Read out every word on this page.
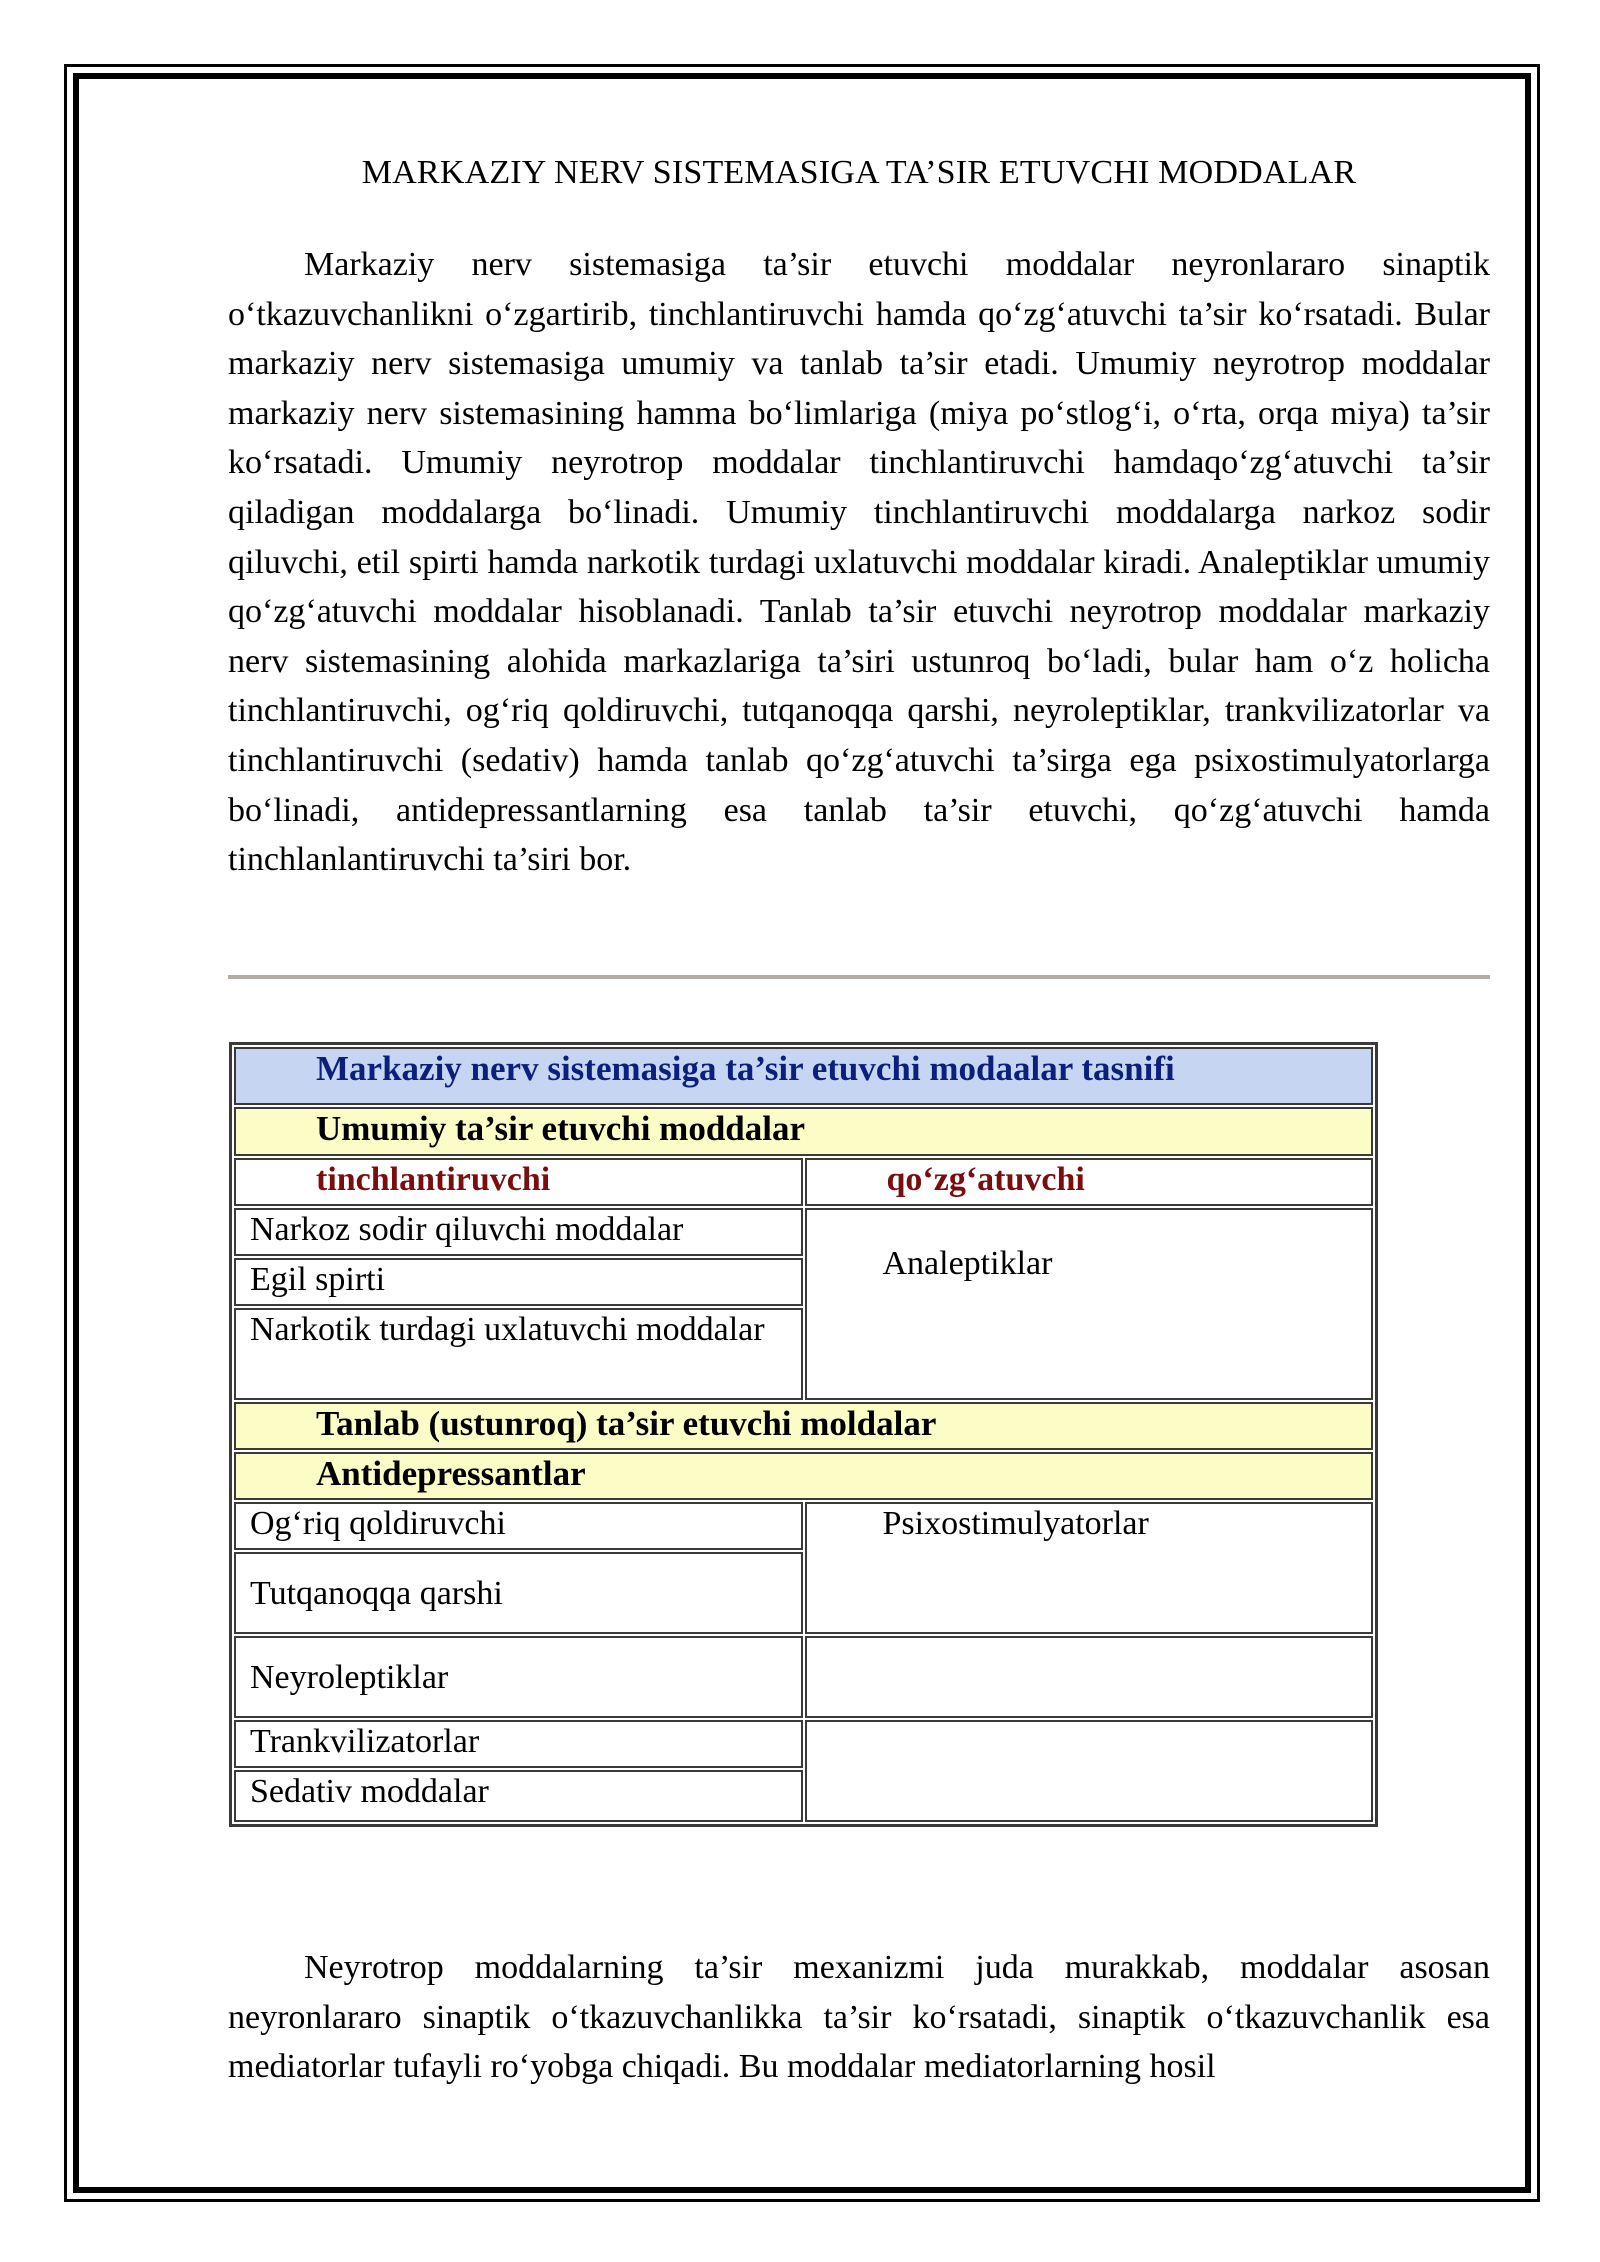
MARKAZIY NERV SISTEMASIGA TA’SIR ETUVCHI MODDALAR

Markaziy nerv sistemasiga ta’sir etuvchi moddalar neyronlararo sinaptik o‘tkazuvchanlikni o‘zgartirib, tinchlantiruvchi hamda qo‘zg‘atuvchi ta’sir ko‘rsatadi. Bular markaziy nerv sistemasiga umumiy va tanlab ta’sir etadi. Umumiy neyrotrop moddalar markaziy nerv sistemasining hamma bo‘limlariga (miya po‘stlog‘i, o‘rta, orqa miya) ta’sir ko‘rsatadi. Umumiy neyrotrop moddalar tinchlantiruvchi hamdaqo‘zg‘atuvchi ta’sir qiladigan moddalarga bo‘linadi. Umumiy tinchlantiruvchi moddalarga narkoz sodir qiluvchi, etil spirti hamda narkotik turdagi uxlatuvchi moddalar kiradi. Analeptiklar umumiy qo‘zg‘atuvchi moddalar hisoblanadi. Tanlab ta’sir etuvchi neyrotrop moddalar markaziy nerv sistemasining alohida markazlariga ta’siri ustunroq bo‘ladi, bular ham o‘z holicha tinchlantiruvchi, og‘riq qoldiruvchi, tutqanoqqa qarshi, neyroleptiklar, trankvilizatorlar va tinchlantiruvchi (sedativ) hamda tanlab qo‘zg‘atuvchi ta’sirga ega psixostimulyatorlarga bo‘linadi, antidepressantlarning esa tanlab ta’sir etuvchi, qo‘zg‘atuvchi hamda tinchlanlantiruvchi ta’siri bor.

Markaziy nerv sistemasiga ta’sir etuvchi modaalar tasnifi	
Umumiy ta’sir etuvchi moddalar	
tinchlantiruvchi	qo‘zg‘atuvchi
Narkoz sodir qiluvchi moddalar	Analeptiklar
Egil spirti	
Narkotik turdagi uxlatuvchi moddalar	
Tanlab (ustunroq) ta’sir etuvchi moldalar	
Antidepressantlar	
Og‘riq qoldiruvchi	Psixostimulyatorlar
Tutqanoqqa qarshi	
Neyroleptiklar	
Trankvilizatorlar	
Sedativ moddalar	

Neyrotrop moddalarning ta’sir mexanizmi juda murakkab, moddalar asosan neyronlararo sinaptik o‘tkazuvchanlikka ta’sir ko‘rsatadi, sinaptik o‘tkazuvchanlik esa mediatorlar tufayli ro‘yobga chiqadi. Bu moddalar mediatorlarning hosil
